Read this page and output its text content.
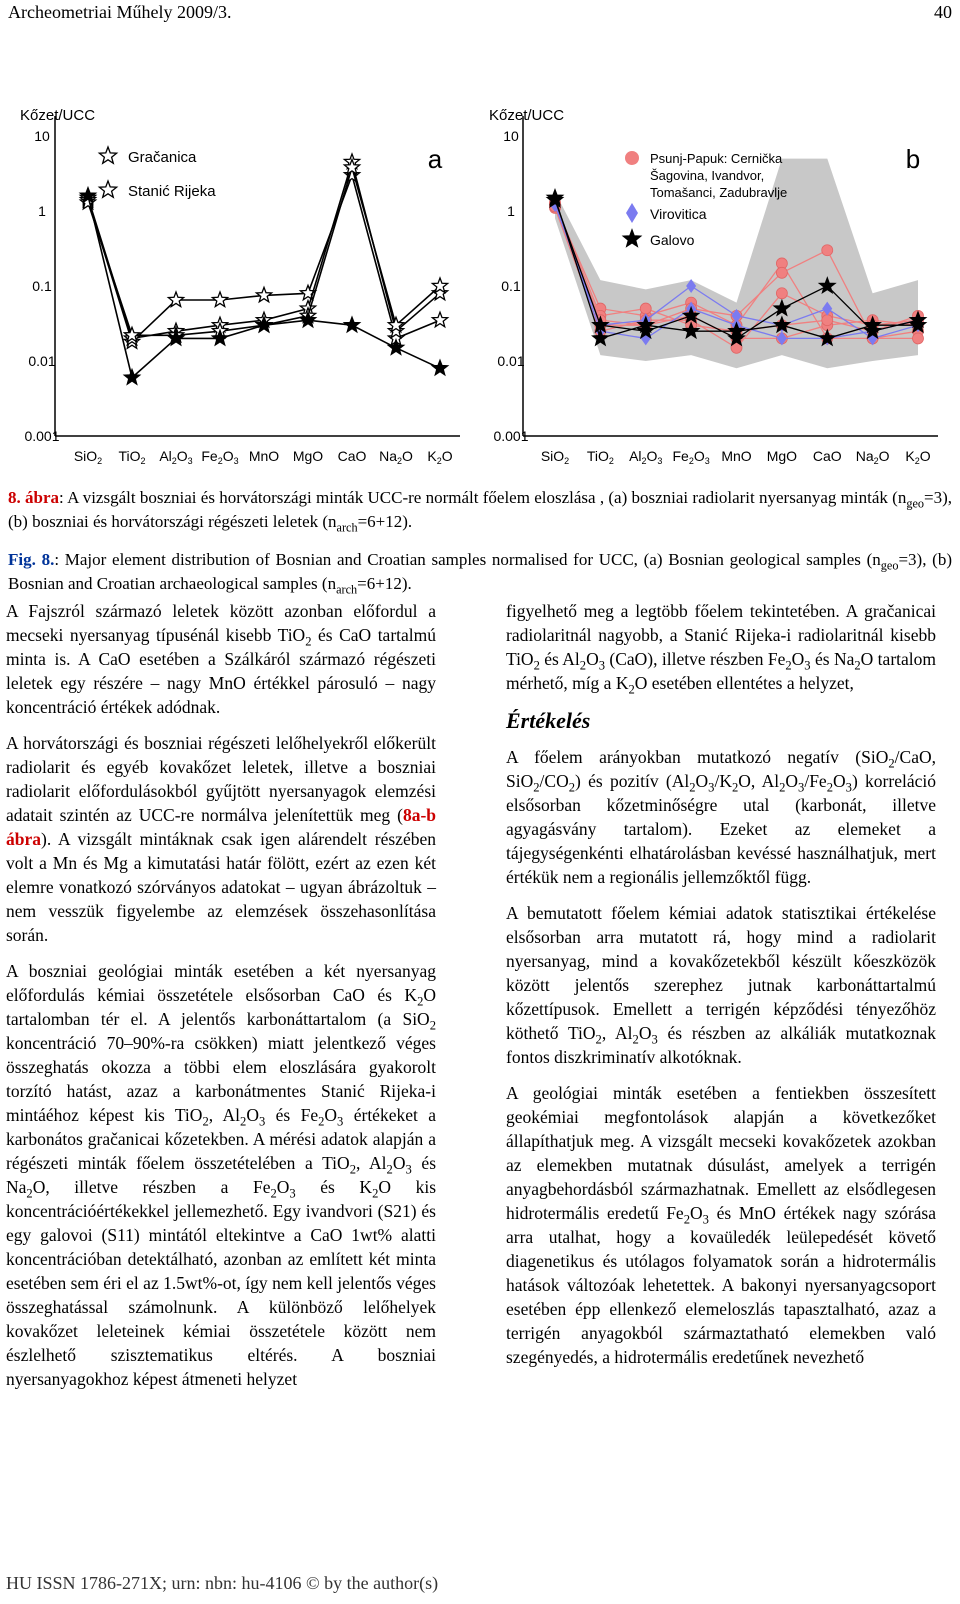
Archeometriai Műhely 2009/3.	40
Kőzet/UCC
10
1
0.1
0.01
0.001
a
Gračanica
Stanić Rijeka
SiO$_2$ TiO$_2$ $Al_2O_3$ $Fe_2O_3$ MnO MgO CaO $Na_2O$ $K_2O$
Kőzet/UCC
10
1
0.1
0.01
0.001
b
Psunj-Papuk: Cernička
Šagovina, Ivandvor,
Tomašanci, Zadubravlje
Virovitica
Galovo
SiO$_2$ TiO$_2$ $Al_2O_3$ $Fe_2O_3$ MnO MgO CaO $Na_2O$ $K_2O$
8. ábra: A vizsgált boszniai és horvátországi minták UCC-re normált főelem eloszlása , (a) boszniai radiolarit nyersanyag minták $(n_{geo}=3)$, (b) boszniai és horvátországi régészeti leletek $(n_{arch}=6+12)$.
Fig. 8.: Major element distribution of Bosnian and Croatian samples normalised for UCC, (a) Bosnian geological samples $(n_{geo}=3)$, (b) Bosnian and Croatian archaeological samples $(n_{arch}=6+12)$.

A Fajszról származó leletek között azonban előfordul a mecseki nyersanyag típusénál kisebb TiO$_2$ és CaO tartalmú minta is. A CaO esetében a Szálkáról származó régészeti leletek egy részére – nagy MnO értékkel párosuló – nagy koncentráció értékek adódnak.

A horvátországi és boszniai régészeti lelőhelyekről előkerült radiolarit és egyéb kovakőzet leletek, illetve a boszniai radiolarit előfordulásokból gyűjtött nyersanyagok elemzési adatait szintén az UCC-re normálva jelenítettük meg (8a-b ábra). A vizsgált mintáknak csak igen alárendelt részében volt a Mn és Mg a kimutatási határ fölött, ezért az ezen két elemre vonatkozó szórványos adatokat – ugyan ábrázoltuk – nem vesszük figyelembe az elemzések összehasonlítása során.

A boszniai geológiai minták esetében a két nyersanyag előfordulás kémiai összetétele elsősorban CaO és $K_2O$ tartalomban tér el. A jelentős karbonáttartalom (a SiO$_2$ koncentráció 70–90%-ra csökken) miatt jelentkező véges összeghatás okozza a többi elem eloszlására gyakorolt torzító hatást, azaz a karbonátmentes Stanić Rijeka-i mintáéhoz képest kis TiO$_2$, $Al_2O_3$ és $Fe_2O_3$ értékeket a karbonátos gračanicai kőzetekben. A mérési adatok alapján a régészeti minták főelem összetételében a TiO$_2$, $Al_2O_3$ és $Na_2O$, illetve részben a $Fe_2O_3$ és $K_2O$ kis koncentrációértékekkel jellemezhető. Egy ivandvori (S21) és egy galovoi (S11) mintától eltekintve a CaO 1wt% alatti koncentrációban detektálható, azonban az említett két minta esetében sem éri el az 1.5wt%-ot, így nem kell jelentős véges összeghatással számolnunk. A különböző lelőhelyek kovakőzet leleteinek kémiai összetétele között nem észlelhető szisztematikus eltérés. A boszniai nyersanyagokhoz képest átmeneti helyzet

figyelhető meg a legtöbb főelem tekintetében. A gračanicai radiolaritnál nagyobb, a Stanić Rijeka-i radiolaritnál kisebb TiO$_2$ és $Al_2O_3$ (CaO), illetve részben $Fe_2O_3$ és $Na_2O$ tartalom mérhető, míg a $K_2O$ esetében ellentétes a helyzet,

Értékelés

A főelem arányokban mutatkozó negatív (SiO$_2$/CaO, $SiO_2/CO_2$) és pozitív ($Al_2O_3/K_2O$, $Al_2O_3/Fe_2O_3$) korreláció elsősorban kőzetminőségre utal (karbonát, illetve agyagásvány tartalom). Ezeket az elemeket a tájegységenkénti elhatárolásban kevéssé használhatjuk, mert értékük nem a regionális jellemzőktől függ.

A bemutatott főelem kémiai adatok statisztikai értékelése elsősorban arra mutatott rá, hogy mind a radiolarit nyersanyag, mind a kovakőzetekből készült kőeszközök között jelentős szerephez jutnak karbonáttartalmú kőzettípusok. Emellett a terrigén képződési tényezőhöz köthető TiO$_2$, $Al_2O_3$ és részben az alkáliák mutatkoznak fontos diszkriminatív alkotóknak.

A geológiai minták esetében a fentiekben összesített geokémiai megfontolások alapján a következőket állapíthatjuk meg. A vizsgált mecseki kovakőzetek azokban az elemekben mutatnak dúsulást, amelyek a terrigén anyagbehordásból származhatnak. Emellett az elsődlegesen hidrotermális eredetű $Fe_2O_3$ és MnO értékek nagy szórása arra utalhat, hogy a kovaüledék leülepedését követő diagenetikus és utólagos folyamatok során a hidrotermális hatások változóak lehetettek. A bakonyi nyersanyagcsoport esetében épp ellenkező elemeloszlás tapasztalható, azaz a terrigén anyagokból származtatható elemekben való szegényedés, a hidrotermális eredetűnek nevezhető

HU ISSN 1786-271X; urn: nbn: hu-4106 © by the author(s)
